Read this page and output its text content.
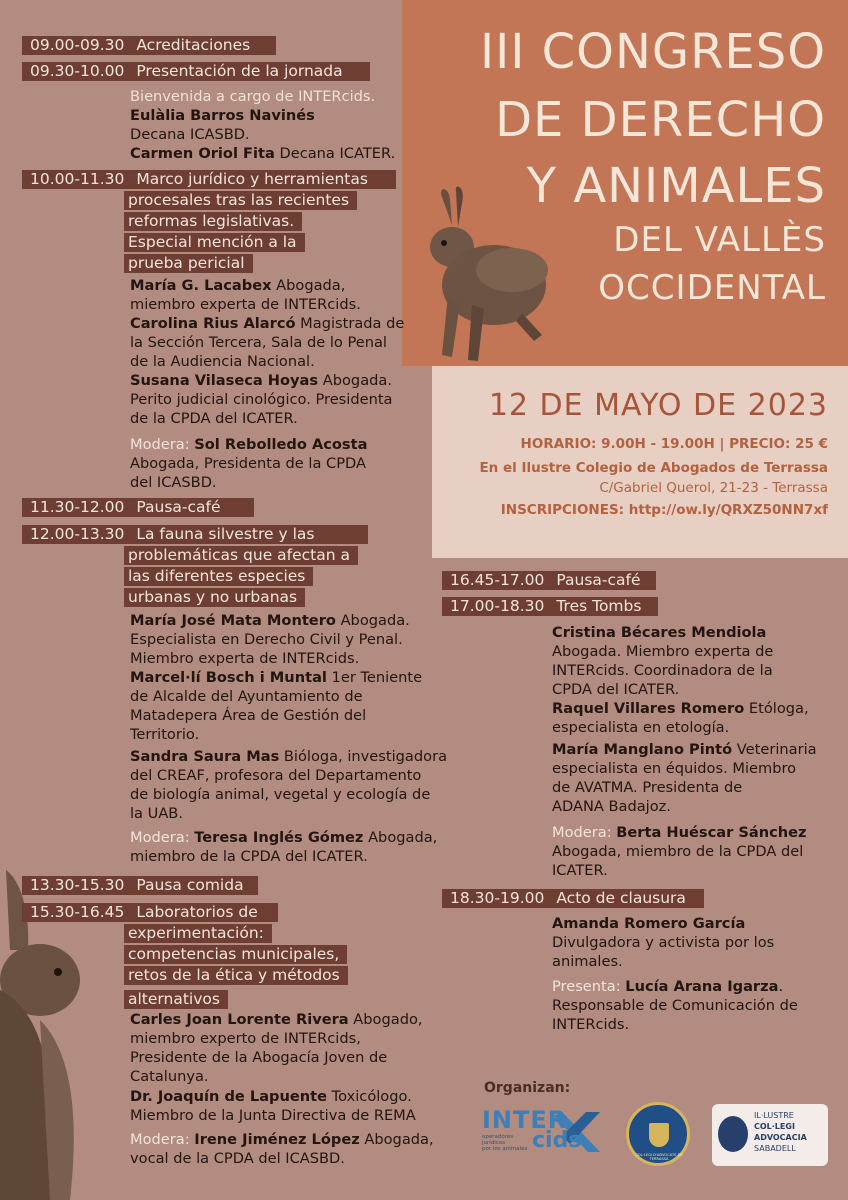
III CONGRESO
DE DERECHO
Y ANIMALES
DEL VALLÈS
OCCIDENTAL
12 DE MAYO DE 2023
HORARIO: 9.00H - 19.00H | PRECIO: 25 €
En el Ilustre Colegio de Abogados de Terrassa
C/Gabriel Querol, 21-23 - Terrassa
INSCRIPCIONES: http://ow.ly/QRXZ50NN7xf
09.00-09.30 Acreditaciones
09.30-10.00 Presentación de la jornada
Bienvenida a cargo de INTERcids.
Eulàlia Barros Navinés
Decana ICASBD.
Carmen Oriol Fita Decana ICATER.
10.00-11.30 Marco jurídico y herramientas
procesales tras las recientes
reformas legislativas.
Especial mención a la
prueba pericial
María G. Lacabex Abogada,
miembro experta de INTERcids.
Carolina Rius Alarcó Magistrada de
la Sección Tercera, Sala de lo Penal
de la Audiencia Nacional.
Susana Vilaseca Hoyas Abogada.
Perito judicial cinológico. Presidenta
de la CPDA del ICATER.
Modera: Sol Rebolledo Acosta
Abogada, Presidenta de la CPDA
del ICASBD.
11.30-12.00 Pausa-café
12.00-13.30 La fauna silvestre y las
problemáticas que afectan a
las diferentes especies
urbanas y no urbanas
María José Mata Montero Abogada.
Especialista en Derecho Civil y Penal.
Miembro experta de INTERcids.
Marcel·lí Bosch i Muntal 1er Teniente
de Alcalde del Ayuntamiento de
Matadepera Área de Gestión del
Territorio.
Sandra Saura Mas Bióloga, investigadora
del CREAF, profesora del Departamento
de biología animal, vegetal y ecología de
la UAB.
Modera: Teresa Inglés Gómez Abogada,
miembro de la CPDA del ICATER.
13.30-15.30 Pausa comida
15.30-16.45 Laboratorios de
experimentación:
competencias municipales,
retos de la ética y métodos
alternativos
Carles Joan Lorente Rivera Abogado,
miembro experto de INTERcids,
Presidente de la Abogacía Joven de
Catalunya.
Dr. Joaquín de Lapuente Toxicólogo.
Miembro de la Junta Directiva de REMA
Modera: Irene Jiménez López Abogada,
vocal de la CPDA del ICASBD.
16.45-17.00 Pausa-café
17.00-18.30 Tres Tombs
Cristina Bécares Mendiola
Abogada. Miembro experta de
INTERcids. Coordinadora de la
CPDA del ICATER.
Raquel Villares Romero Etóloga,
especialista en etología.
María Manglano Pintó Veterinaria
especialista en équidos. Miembro
de AVATMA. Presidenta de
ADANA Badajoz.
Modera: Berta Huéscar Sánchez
Abogada, miembro de la CPDA del
ICATER.
18.30-19.00 Acto de clausura
Amanda Romero García
Divulgadora y activista por los
animales.
Presenta: Lucía Arana Igarza.
Responsable de Comunicación de
INTERcids.
Organizan:
INTER
cids
operadores
jurídicos
por los animales
COL·LEGI D'ADVOCATS DE TERRASSA
IL·LUSTRE
COL·LEGI
ADVOCACIA
SABADELL
